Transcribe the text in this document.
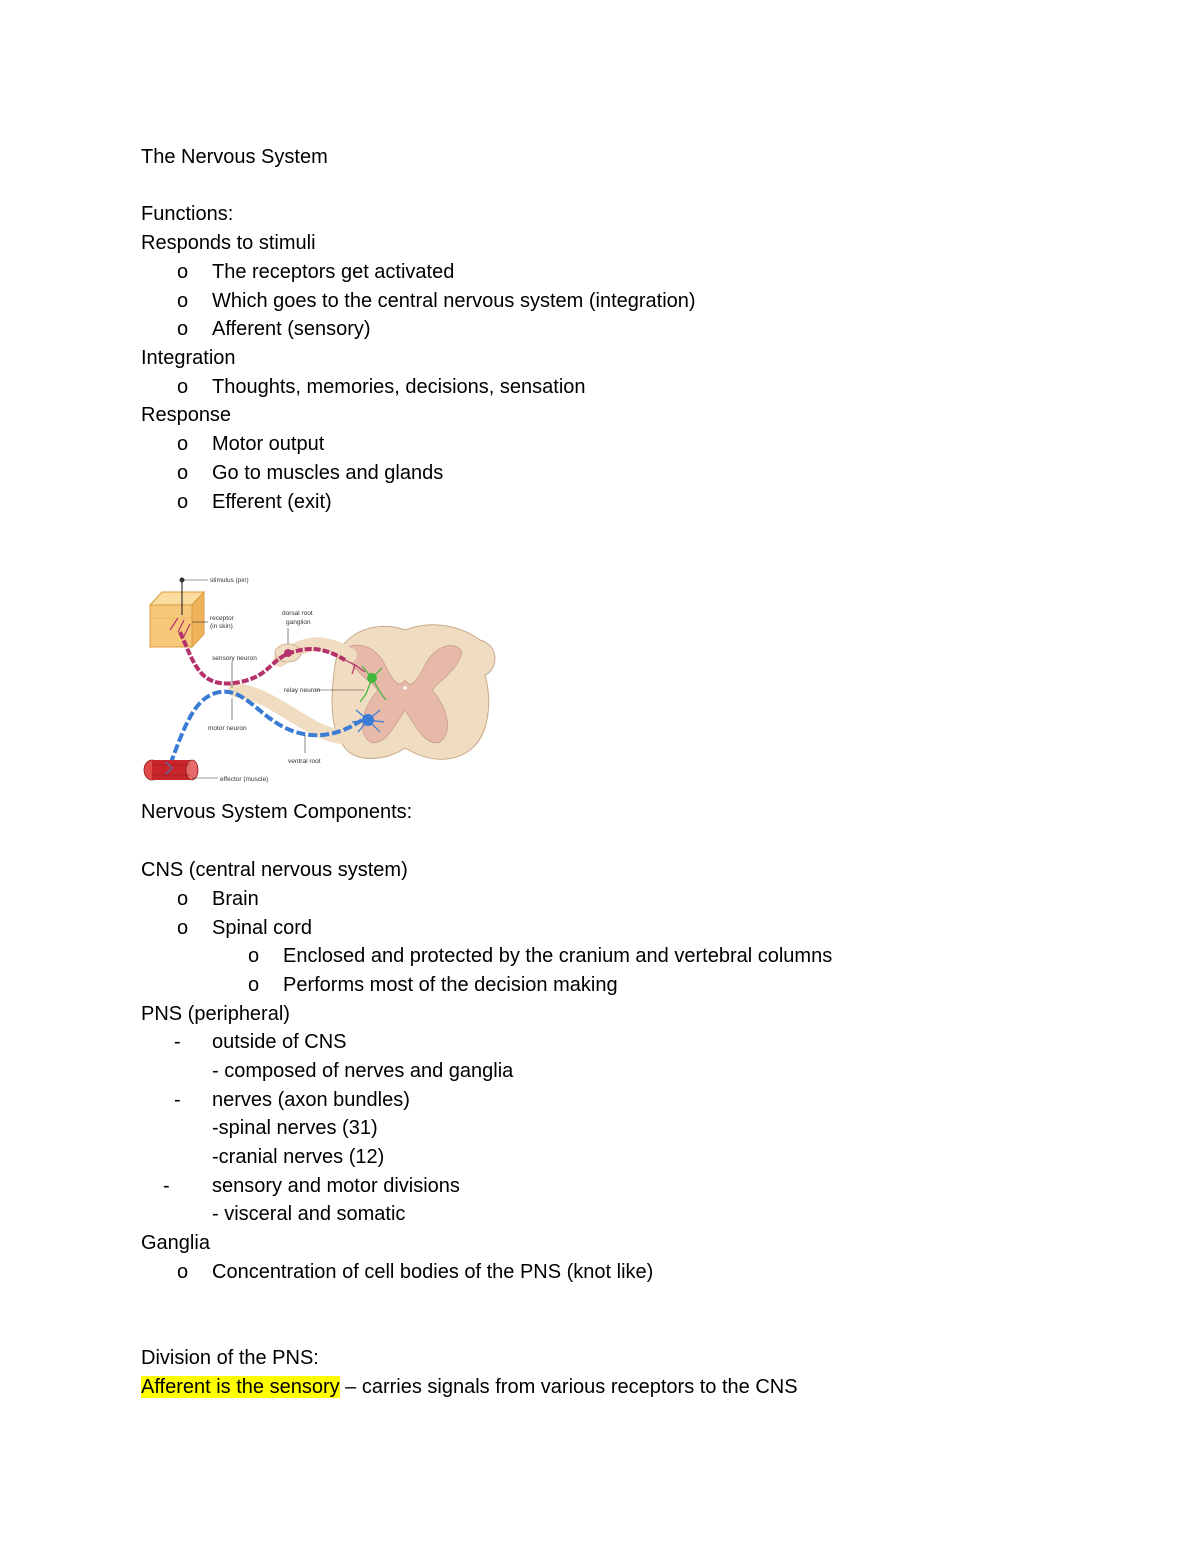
The Nervous System
Functions:
Responds to stimuli
o The receptors get activated
o Which goes to the central nervous system (integration)
o Afferent (sensory)
Integration
o Thoughts, memories, decisions, sensation
Response
o Motor output
o Go to muscles and glands
o Efferent (exit)
stimulus (pin)
receptor
(in skin)
dorsal root
ganglion
sensory neuron
relay neuron
motor neuron
ventral root
effector (muscle)
Nervous System Components:
CNS (central nervous system)
o Brain
o Spinal cord
o Enclosed and protected by the cranium and vertebral columns
o Performs most of the decision making
PNS (peripheral)
- outside of CNS
- composed of nerves and ganglia
- nerves (axon bundles)
-spinal nerves (31)
-cranial nerves (12)
- sensory and motor divisions
- visceral and somatic
Ganglia
o Concentration of cell bodies of the PNS (knot like)
Division of the PNS:
Afferent is the sensory – carries signals from various receptors to the CNS
